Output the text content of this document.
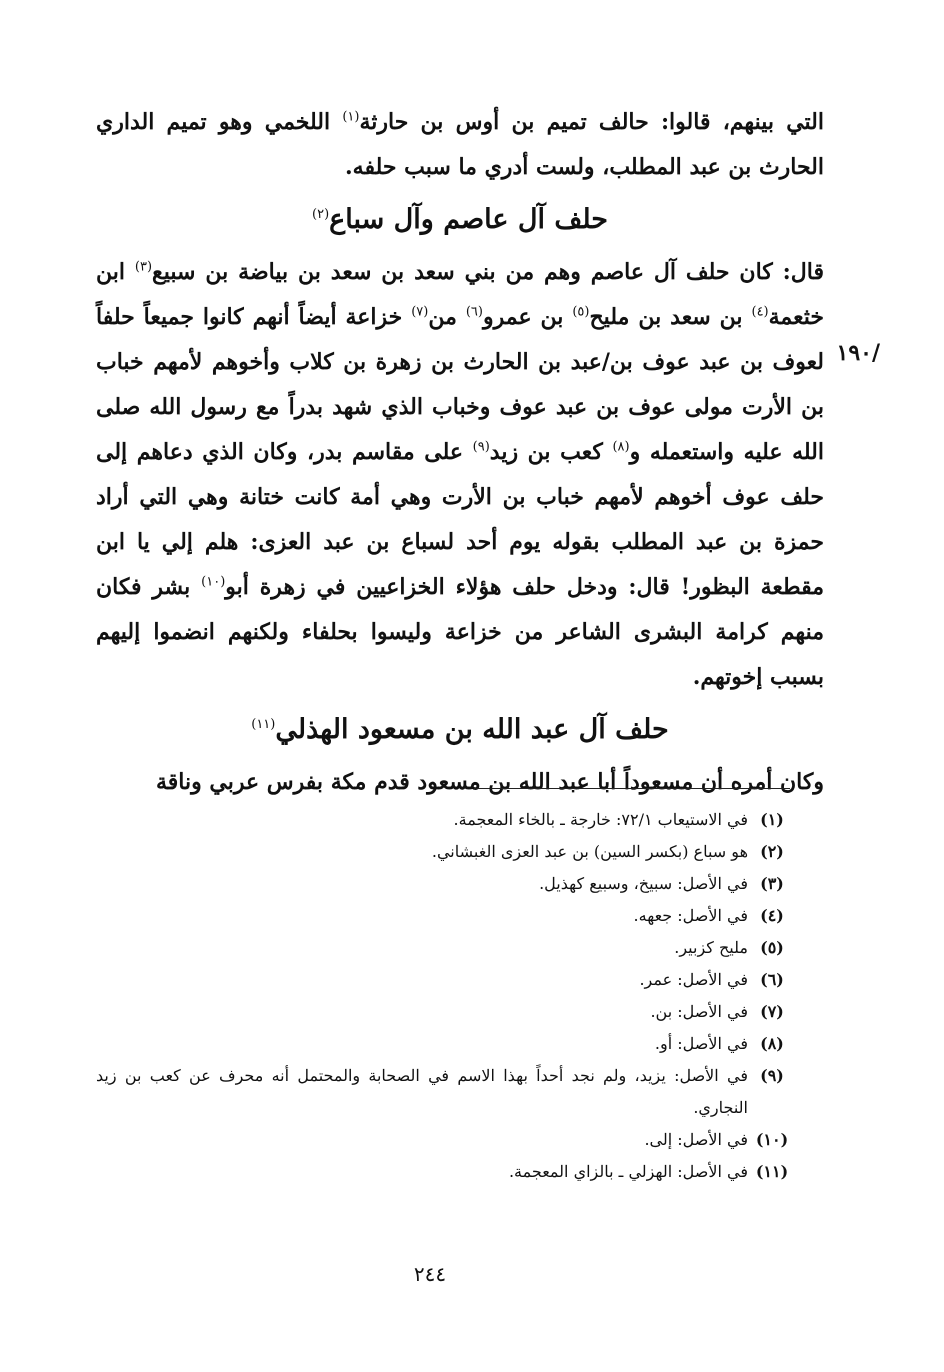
/١٩٠

التي بينهم، قالوا: حالف تميم بن أوس بن حارثة$^{(١)}$ اللخمي وهو تميم الداري الحارث بن عبد المطلب، ولست أدري ما سبب حلفه.

حلف آل عاصم وآل سباع$^{(٢)}$

قال: كان حلف آل عاصم وهم من بني سعد بن سعد بن بياضة بن سبيع$^{(٣)}$ ابن خثعمة$^{(٤)}$ بن سعد بن مليح$^{(٥)}$ بن عمرو$^{(٦)}$ من$^{(٧)}$ خزاعة أيضاً أنهم كانوا جميعاً حلفاً لعوف بن عبد عوف بن/عبد بن الحارث بن زهرة بن كلاب وأخوهم لأمهم خباب بن الأرت مولى عوف بن عبد عوف وخباب الذي شهد بدراً مع رسول الله صلى الله عليه واستعمله و$^{(٨)}$ كعب بن زيد$^{(٩)}$ على مقاسم بدر، وكان الذي دعاهم إلى حلف عوف أخوهم لأمهم خباب بن الأرت وهي أمة كانت ختانة وهي التي أراد حمزة بن عبد المطلب بقوله يوم أحد لسباع بن عبد العزى: هلم إلي يا ابن مقطعة البظور! قال: ودخل حلف هؤلاء الخزاعيين في زهرة أبو$^{(١٠)}$ بشر فكان منهم كرامة البشرى الشاعر من خزاعة وليسوا بحلفاء ولكنهم انضموا إليهم بسبب إخوتهم.

حلف آل عبد الله بن مسعود الهذلي$^{(١١)}$

وكان أمره أن مسعوداً أبا عبد الله بن مسعود قدم مكة بفرس عربي وناقة

(١)
في الاستيعاب ٧٢/١: خارجة ـ بالخاء المعجمة.
(٢)
هو سباع (بكسر السين) بن عبد العزى الغبشاني.
(٣)
في الأصل: سبيخ، وسبيع كهذيل.
(٤)
في الأصل: جعهه.
(٥)
مليح كزبير.
(٦)
في الأصل: عمر.
(٧)
في الأصل: بن.
(٨)
في الأصل: أو.
(٩)
في الأصل: يزيد، ولم نجد أحداً بهذا الاسم في الصحابة والمحتمل أنه محرف عن كعب بن زيد النجاري.
(١٠)
في الأصل: إلى.
(١١)
في الأصل: الهزلي ـ بالزاي المعجمة.
٢٤٤
